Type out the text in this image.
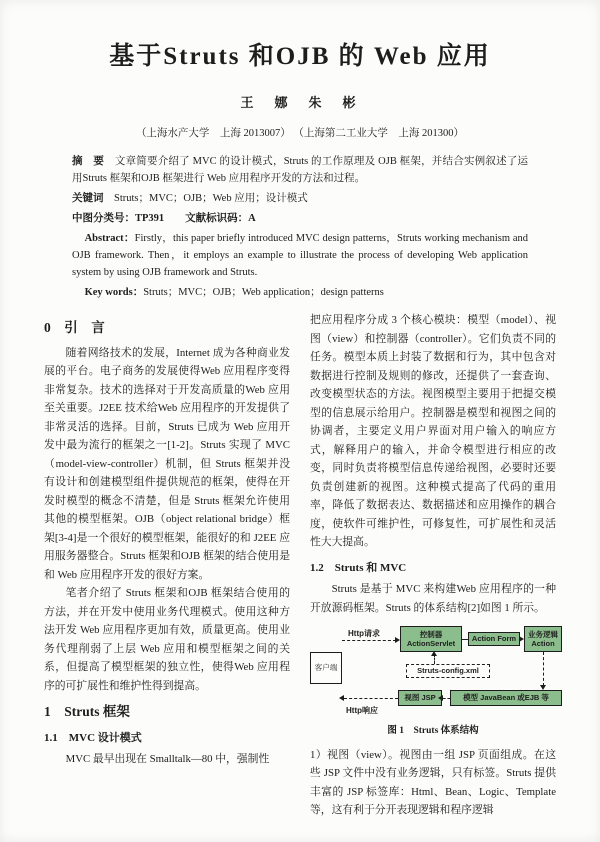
基于Struts 和OJB 的 Web 应用
王　娜　朱　彬
（上海水产大学　上海 2013007） （上海第二工业大学　上海 201300）

摘　要　文章简要介绍了 MVC 的设计模式，Struts 的工作原理及 OJB 框架，并结合实例叙述了运用Struts 框架和OJB 框架进行 Web 应用程序开发的方法和过程。

关键词　Struts；MVC；OJB；Web 应用；设计模式

中图分类号：TP391　　文献标识码：A

Abstract：Firstly，this paper briefly introduced MVC design patterns，Struts working mechanism and OJB framework. Then，it employs an example to illustrate the process of developing Web application system by using OJB framework and Struts.

Key words：Struts；MVC；OJB；Web application；design patterns

0　引　言

随着网络技术的发展，Internet 成为各种商业发展的平台。电子商务的发展使得Web 应用程序变得非常复杂。技术的选择对于开发高质量的Web 应用至关重要。J2EE 技术给Web 应用程序的开发提供了非常灵活的选择。目前，Struts 已成为 Web 应用开发中最为流行的框架之一[1-2]。Struts 实现了 MVC（model-view-controller）机制，但 Struts 框架并没有设计和创建模型组件提供规范的框架，使得在开发时模型的概念不清楚，但是 Struts 框架允许使用其他的模型框架。OJB（object relational bridge）框架[3-4]是一个很好的模型框架，能很好的和 J2EE 应用服务器整合。Struts 框架和OJB 框架的结合使用是和 Web 应用程序开发的很好方案。

笔者介绍了 Struts 框架和OJB 框架结合使用的方法，并在开发中使用业务代理模式。使用这种方法开发 Web 应用程序更加有效，质量更高。使用业务代理削弱了上层 Web 应用和模型框架之间的关系，但提高了模型框架的独立性，使得Web 应用程序的可扩展性和维护性得到提高。

1　Struts 框架
1.1　MVC 设计模式

MVC 最早出现在 Smalltalk—80 中，强制性

把应用程序分成 3 个核心模块：模型（model）、视图（view）和控制器（controller）。它们负责不同的任务。模型本质上封装了数据和行为，其中包含对数据进行控制及规则的修改，还提供了一套查询、改变模型状态的方法。视图模型主要用于把提交模型的信息展示给用户。控制器是模型和视图之间的协调者，主要定义用户界面对用户输入的响应方式，解释用户的输入，并命令模型进行相应的改变，同时负责将模型信息传递给视图，必要时还要负责创建新的视图。这种模式提高了代码的重用率，降低了数据表达、数据描述和应用操作的耦合度，使软件可维护性，可修复性，可扩展性和灵活性大大提高。

1.2　Struts 和 MVC

Struts 是基于 MVC 来构建Web 应用程序的一种开放源码框架。Struts 的体系结构[2]如图 1 所示。

Http请求	控制器
ActionServlet
Action Form
业务逻辑
Action
客户端	Struts-config.xml
视图 JSP	模型 JavaBean 或EJB 等
Http响应
图 1　Struts 体系结构

1）视图（view）。视图由一组 JSP 页面组成。在这些 JSP 文件中没有业务逻辑，只有标签。Struts 提供丰富的 JSP 标签库：Html、Bean、Logic、Template 等，这有利于分开表现逻辑和程序逻辑
